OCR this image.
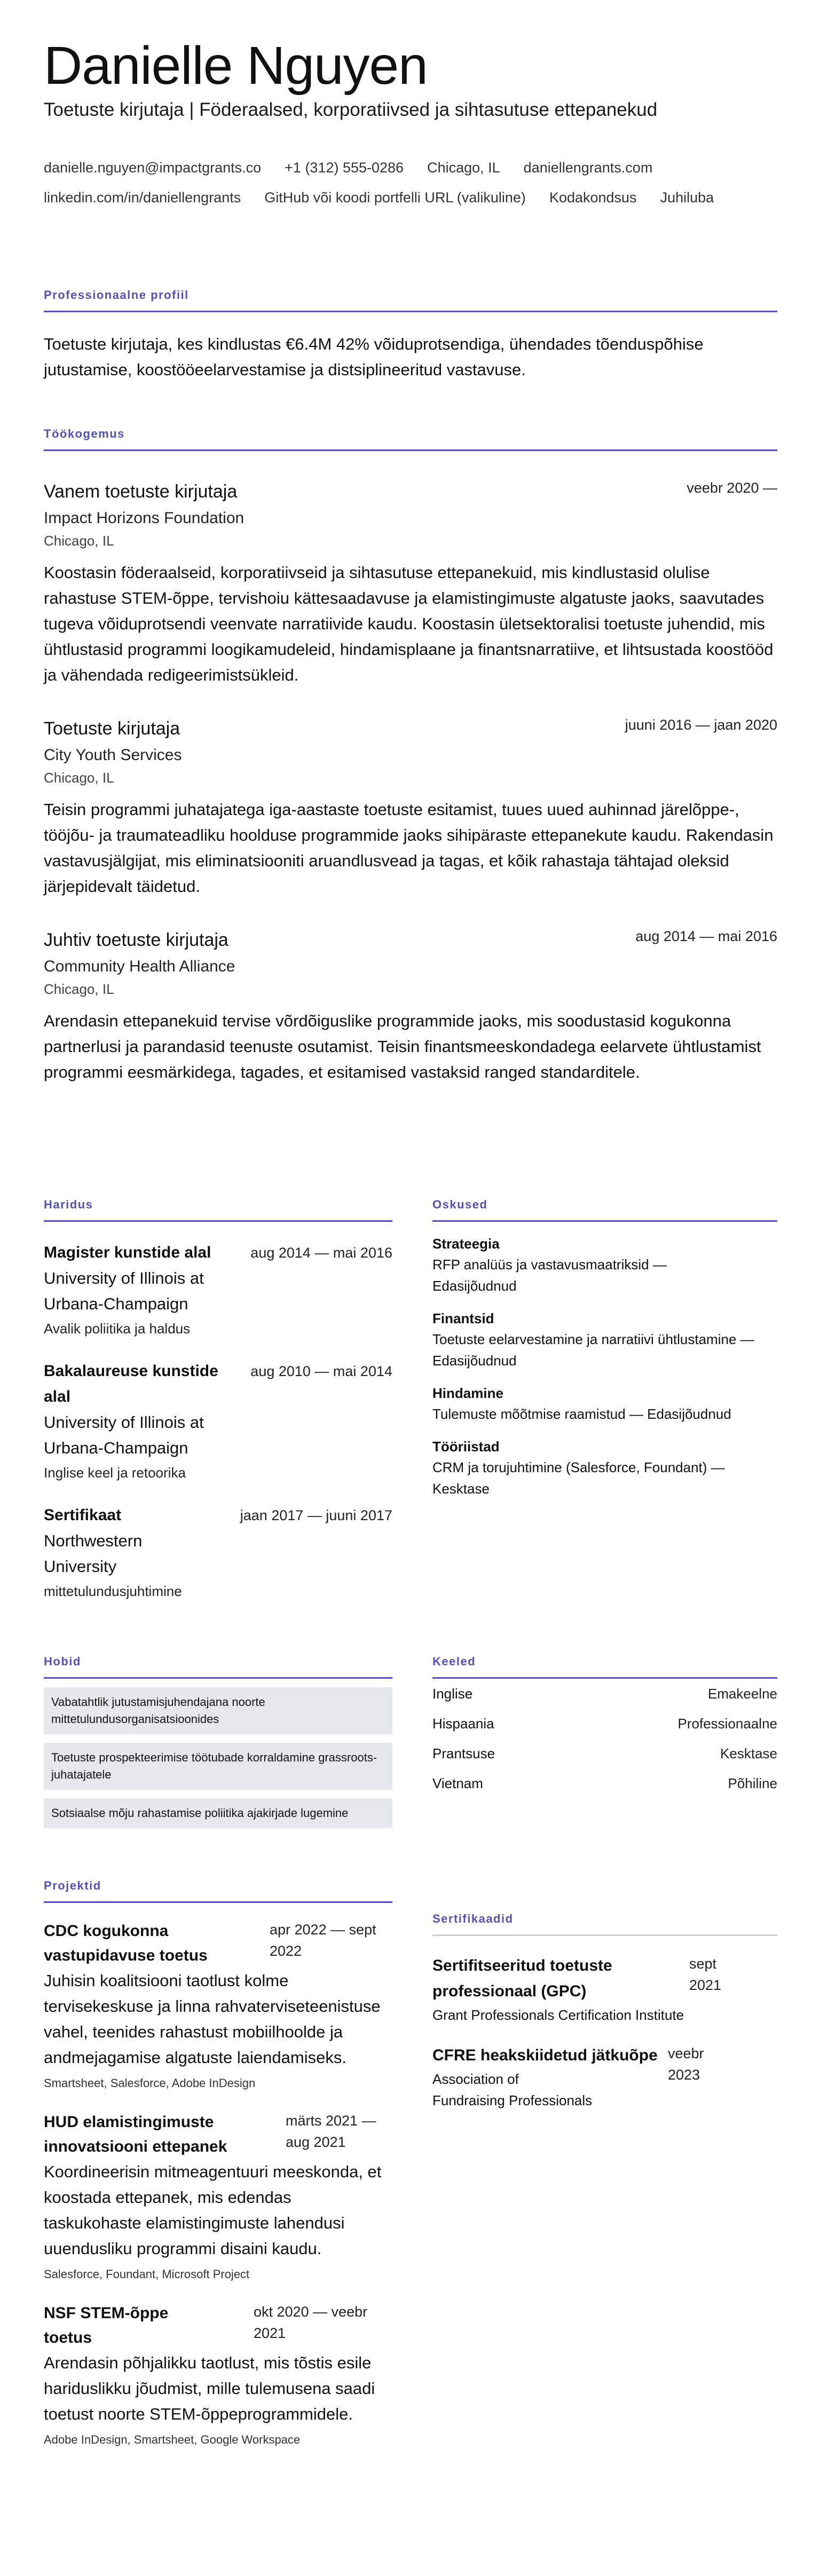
Danielle Nguyen
Toetuste kirjutaja | Föderaalsed, korporatiivsed ja sihtasutuse ettepanekud
danielle.nguyen@impactgrants.co +1 (312) 555-0286 Chicago, IL daniellengrants.comlinkedin.com/in/daniellengrants GitHub või koodi portfelli URL (valikuline) Kodakondsus Juhiluba
Professionaalne profiil

Toetuste kirjutaja, kes kindlustas €6.4M 42% võiduprotsendiga, ühendades tõenduspõhise jutustamise, koostööeelarvestamise ja distsiplineeritud vastavuse.

Töökogemus
Vanem toetuste kirjutaja	veebr 2020 —
Impact Horizons Foundation
Chicago, IL

Koostasin föderaalseid, korporatiivseid ja sihtasutuse ettepanekuid, mis kindlustasid olulise rahastuse STEM-õppe, tervishoiu kättesaadavuse ja elamistingimuste algatuste jaoks, saavutades tugeva võiduprotsendi veenvate narratiivide kaudu. Koostasin ületsektoralisi toetuste juhendid, mis ühtlustasid programmi loogikamudeleid, hindamisplaane ja finantsnarratiive, et lihtsustada koostööd ja vähendada redigeerimistsükleid.

Toetuste kirjutaja	juuni 2016 — jaan 2020
City Youth Services
Chicago, IL

Teisin programmi juhatajatega iga-aastaste toetuste esitamist, tuues uued auhinnad järelõppe-, tööjõu- ja traumateadliku hoolduse programmide jaoks sihipäraste ettepanekute kaudu. Rakendasin vastavusjälgijat, mis eliminatsiooniti aruandlusvead ja tagas, et kõik rahastaja tähtajad oleksid järjepidevalt täidetud.

Juhtiv toetuste kirjutaja	aug 2014 — mai 2016
Community Health Alliance
Chicago, IL

Arendasin ettepanekuid tervise võrdõiguslike programmide jaoks, mis soodustasid kogukonna partnerlusi ja parandasid teenuste osutamist. Teisin finantsmeeskondadega eelarvete ühtlustamist programmi eesmärkidega, tagades, et esitamised vastaksid ranged standarditele.

Haridus
Magister kunstide alal	aug 2014 — mai 2016
University of Illinois at Urbana-Champaign
Avalik poliitika ja haldus
Bakalaureuse kunstide alal
aug 2010 — mai 2014
University of Illinois at Urbana-Champaign
Inglise keel ja retoorika
Sertifikaat	jaan 2017 — juuni 2017
Northwestern University
mittetulundusjuhtimine
Oskused
Strateegia
RFP analüüs ja vastavusmaatriksid — Edasijõudnud
Finantsid
Toetuste eelarvestamine ja narratiivi ühtlustamine — Edasijõudnud
Hindamine
Tulemuste mõõtmise raamistud — Edasijõudnud
Tööriistad
CRM ja torujuhtimine (Salesforce, Foundant) — Kesktase
Hobid
Vabatahtlik jutustamisjuhendajana noorte mittetulundusorganisatsioonides
Toetuste prospekteerimise töötubade korraldamine grassroots-juhatajatele
Sotsiaalse mõju rahastamise poliitika ajakirjade lugemine
Keeled
Inglise	Emakeelne
Hispaania	Professionaalne
Prantsuse	Kesktase
Vietnam	Põhiline
Projektid
CDC kogukonna vastupidavuse toetus
apr 2022 — sept 2022

Juhisin koalitsiooni taotlust kolme tervisekeskuse ja linna rahvaterviseteenistuse vahel, teenides rahastust mobiilhoolde ja andmejagamise algatuste laiendamiseks.

Smartsheet, Salesforce, Adobe InDesign
HUD elamistingimuste innovatsiooni ettepanek
märts 2021 — aug 2021

Koordineerisin mitmeagentuuri meeskonda, et koostada ettepanek, mis edendas taskukohaste elamistingimuste lahendusi uuendusliku programmi disaini kaudu.

Salesforce, Foundant, Microsoft Project
NSF STEM-õppe toetus
okt 2020 — veebr 2021

Arendasin põhjalikku taotlust, mis tõstis esile hariduslikku jõudmist, mille tulemusena saadi toetust noorte STEM-õppeprogrammidele.

Adobe InDesign, Smartsheet, Google Workspace
Sertifikaadid
Sertifitseeritud toetuste professionaal (GPC)
sept 2021
Grant Professionals Certification Institute
CFRE heakskiidetud jätkuõpe
Association of Fundraising Professionals
veebr 2023
